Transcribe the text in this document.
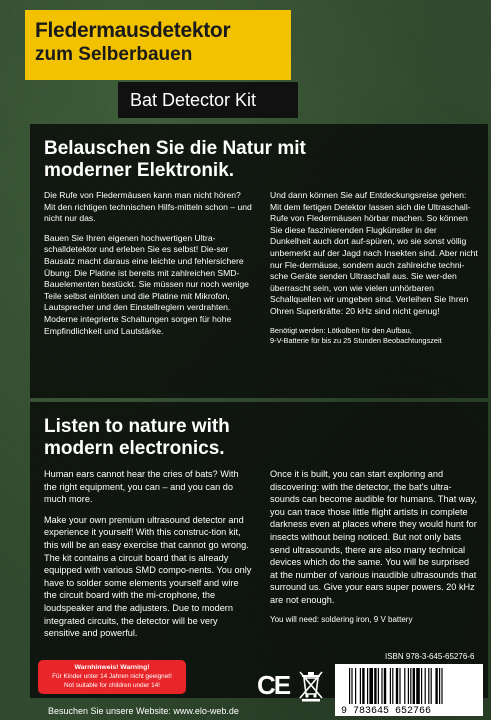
Fledermausdetektor
zum Selberbauen
Bat Detector Kit
Belauschen Sie die Natur mit
moderner Elektronik.
Die Rufe von Fledermäusen kann man nicht hören? Mit den richtigen technischen Hilfs-mitteln schon – und nicht nur das.
Bauen Sie Ihren eigenen hochwertigen Ultra-schalldetektor und erleben Sie es selbst! Die-ser Bausatz macht daraus eine leichte und fehlersichere Übung: Die Platine ist bereits mit zahlreichen SMD-Bauelementen bestückt. Sie müssen nur noch wenige Teile selbst einlöten und die Platine mit Mikrofon, Lautsprecher und den Einstellreglern verdrahten. Moderne integrierte Schaltungen sorgen für hohe Empfindlichkeit und Lautstärke.
Und dann können Sie auf Entdeckungsreise gehen: Mit dem fertigen Detektor lassen sich die Ultraschall-Rufe von Fledermäusen hörbar machen. So können Sie diese faszinierenden Flugkünstler in der Dunkelheit auch dort auf-spüren, wo sie sonst völlig unbemerkt auf der Jagd nach Insekten sind. Aber nicht nur Fle-dermäuse, sondern auch zahlreiche techni-sche Geräte senden Ultraschall aus. Sie wer-den überrascht sein, von wie vielen unhörbaren Schallquellen wir umgeben sind. Verleihen Sie Ihren Ohren Superkräfte: 20 kHz sind nicht genug!
Benötigt werden: Lötkolben für den Aufbau,
9-V-Batterie für bis zu 25 Stunden Beobachtungszeit
Listen to nature with
modern electronics.
Human ears cannot hear the cries of bats? With the right equipment, you can – and you can do much more.
Make your own premium ultrasound detector and experience it yourself! With this construc-tion kit, this will be an easy exercise that cannot go wrong. The kit contains a circuit board that is already equipped with various SMD compo-nents. You only have to solder some elements yourself and wire the circuit board with the mi-crophone, the loudspeaker and the adjusters. Due to modern integrated circuits, the detector will be very sensitive and powerful.
Once it is built, you can start exploring and discovering: with the detector, the bat's ultra-sounds can become audible for humans. That way, you can trace those little flight artists in complete darkness even at places where they would hunt for insects without being noticed. But not only bats send ultrasounds, there are also many technical devices which do the same. You will be surprised at the number of various inaudible ultrasounds that surround us. Give your ears super powers. 20 kHz are not enough.
You will need: soldering iron, 9 V battery
Warnhinweis! Warning!
Für Kinder unter 14 Jahren nicht geeignet!
Not suitable for children under 14!	CE
ISBN 978-3-645-65276-6
9 783645 652766
Besuchen Sie unsere Website: www.elo-web.de
